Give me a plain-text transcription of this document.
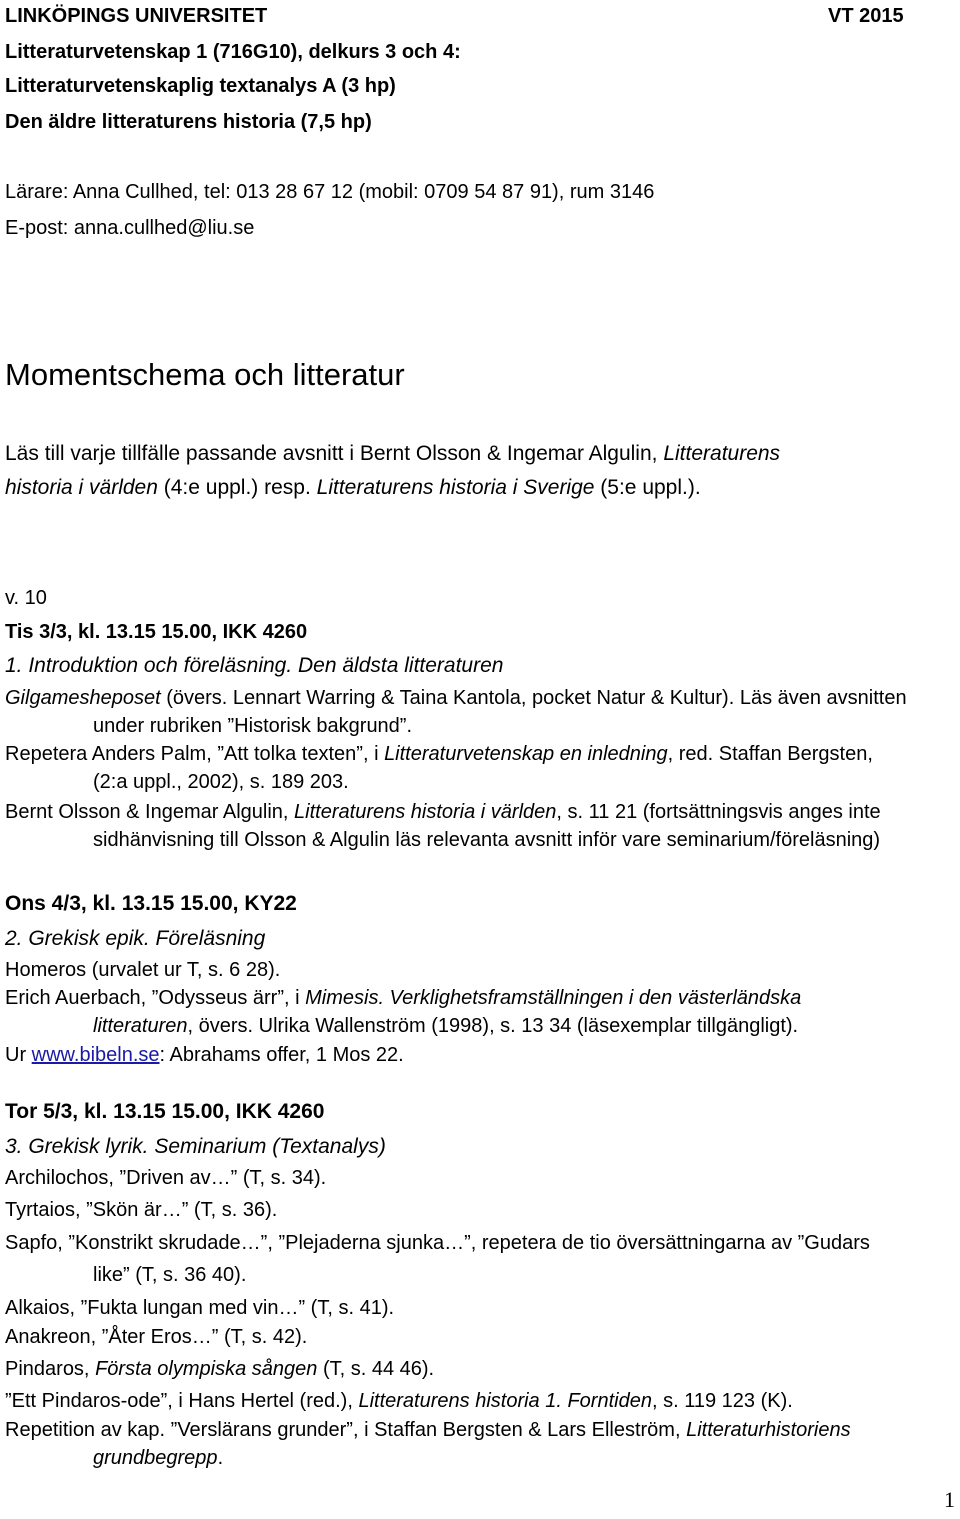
LINKÖPINGS UNIVERSITET	VT 2015
Litteraturvetenskap 1 (716G10), delkurs 3 och 4:
Litteraturvetenskaplig textanalys A (3 hp)
Den äldre litteraturens historia (7,5 hp)
Lärare: Anna Cullhed, tel: 013 28 67 12 (mobil: 0709 54 87 91), rum 3146
E-post: anna.cullhed@liu.se
Momentschema och litteratur
Läs till varje tillfälle passande avsnitt i Bernt Olsson & Ingemar Algulin, Litteraturens
historia i världen (4:e uppl.) resp. Litteraturens historia i Sverige (5:e uppl.).
v. 10
Tis 3/3, kl. 13.15 15.00, IKK 4260
1. Introduktion och föreläsning. Den äldsta litteraturen
Gilgamesheposet (övers. Lennart Warring & Taina Kantola, pocket Natur & Kultur). Läs även avsnitten
under rubriken ”Historisk bakgrund”.
Repetera Anders Palm, ”Att tolka texten”, i Litteraturvetenskap en inledning, red. Staffan Bergsten,
(2:a uppl., 2002), s. 189 203.
Bernt Olsson & Ingemar Algulin, Litteraturens historia i världen, s. 11 21 (fortsättningsvis anges inte
sidhänvisning till Olsson & Algulin läs relevanta avsnitt inför vare seminarium/föreläsning)
Ons 4/3, kl. 13.15 15.00, KY22
2. Grekisk epik. Föreläsning
Homeros (urvalet ur T, s. 6 28).
Erich Auerbach, ”Odysseus ärr”, i Mimesis. Verklighetsframställningen i den västerländska
litteraturen, övers. Ulrika Wallenström (1998), s. 13 34 (läsexemplar tillgängligt).
Ur www.bibeln.se: Abrahams offer, 1 Mos 22.
Tor 5/3, kl. 13.15 15.00, IKK 4260
3. Grekisk lyrik. Seminarium (Textanalys)
Archilochos, ”Driven av…” (T, s. 34).
Tyrtaios, ”Skön är…” (T, s. 36).
Sapfo, ”Konstrikt skrudade…”, ”Plejaderna sjunka…”, repetera de tio översättningarna av ”Gudars
like” (T, s. 36 40).
Alkaios, ”Fukta lungan med vin…” (T, s. 41).
Anakreon, ”Åter Eros…” (T, s. 42).
Pindaros, Första olympiska sången (T, s. 44 46).
”Ett Pindaros-ode”, i Hans Hertel (red.), Litteraturens historia 1. Forntiden, s. 119 123 (K).
Repetition av kap. ”Verslärans grunder”, i Staffan Bergsten & Lars Elleström, Litteraturhistoriens
grundbegrepp.
1
